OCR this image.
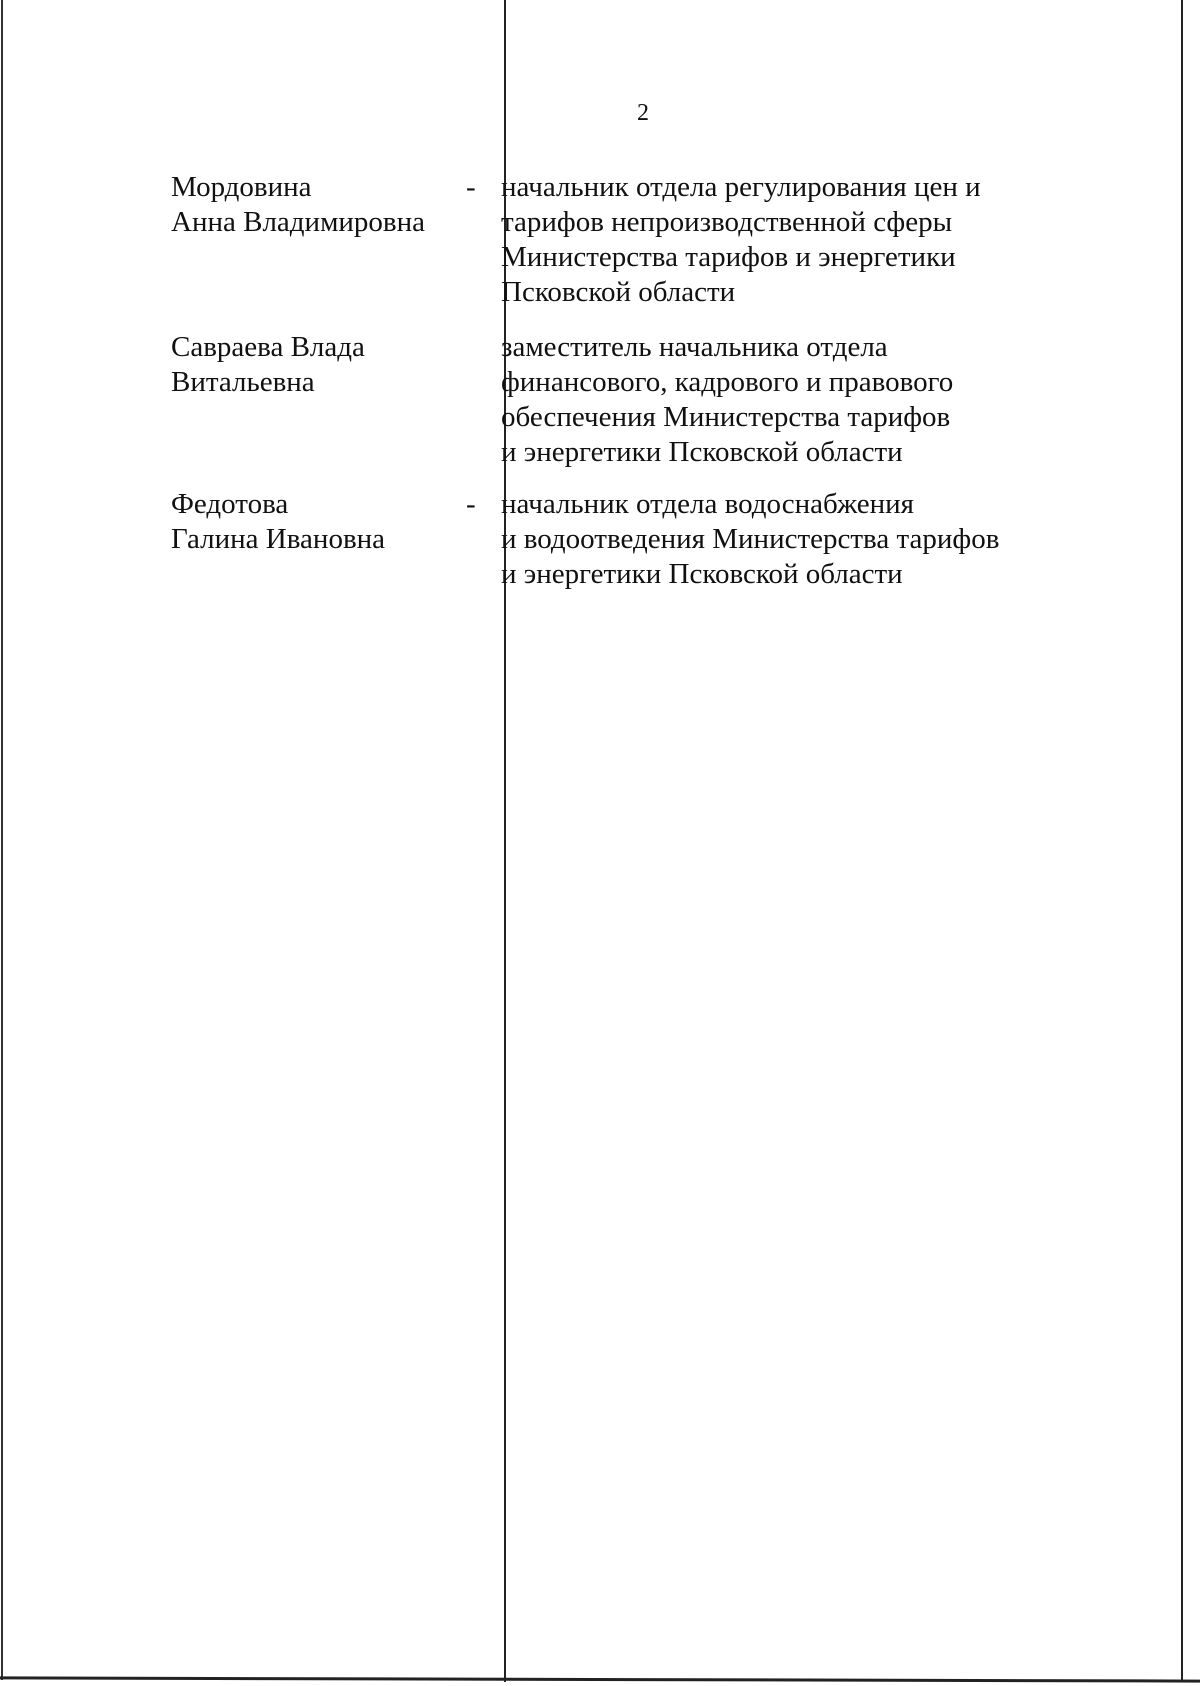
2
Мордовина
Анна Владимировна
- начальник отдела регулирования цен и
тарифов непроизводственной сферы
Министерства тарифов и энергетики
Псковской области
Савраева Влада
Витальевна
заместитель начальника отдела
финансового, кадрового и правового
обеспечения Министерства тарифов
и энергетики Псковской области
Федотова
Галина Ивановна
- начальник отдела водоснабжения
и водоотведения Министерства тарифов
и энергетики Псковской области
